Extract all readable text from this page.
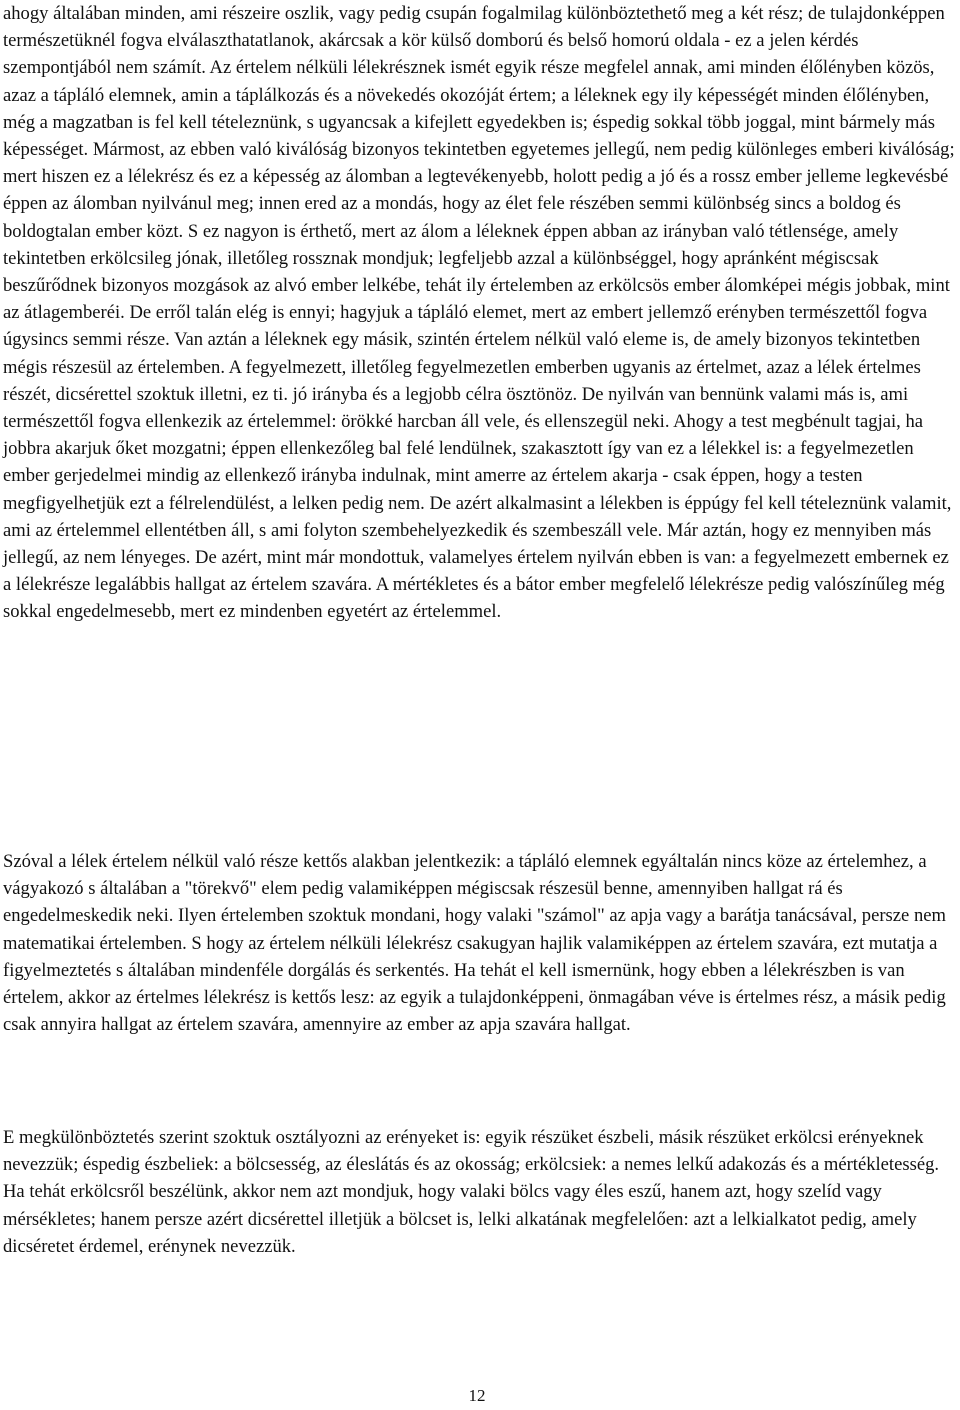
ahogy általában minden, ami részeire oszlik, vagy pedig csupán fogalmilag különböztethető meg a két rész; de tulajdonképpen természetüknél fogva elválaszthatatlanok, akárcsak a kör külső domború és belső homorú oldala - ez a jelen kérdés szempontjából nem számít. Az értelem nélküli lélekrésznek ismét egyik része megfelel annak, ami minden élőlényben közös, azaz a tápláló elemnek, amin a táplálkozás és a növekedés okozóját értem; a léleknek egy ily képességét minden élőlényben, még a magzatban is fel kell tételeznünk, s ugyancsak a kifejlett egyedekben is; éspedig sokkal több joggal, mint bármely más képességet. Mármost, az ebben való kiválóság bizonyos tekintetben egyetemes jellegű, nem pedig különleges emberi kiválóság; mert hiszen ez a lélekrész és ez a képesség az álomban a legtevékenyebb, holott pedig a jó és a rossz ember jelleme legkevésbé éppen az álomban nyilvánul meg; innen ered az a mondás, hogy az élet fele részében semmi különbség sincs a boldog és boldogtalan ember közt. S ez nagyon is érthető, mert az álom a léleknek éppen abban az irányban való tétlensége, amely tekintetben erkölcsileg jónak, illetőleg rossznak mondjuk; legfeljebb azzal a különbséggel, hogy apránként mégiscsak beszűrődnek bizonyos mozgások az alvó ember lelkébe, tehát ily értelemben az erkölcsös ember álomképei mégis jobbak, mint az átlagemberéi. De erről talán elég is ennyi; hagyjuk a tápláló elemet, mert az embert jellemző erényben természettől fogva úgysincs semmi része. Van aztán a léleknek egy másik, szintén értelem nélkül való eleme is, de amely bizonyos tekintetben mégis részesül az értelemben. A fegyelmezett, illetőleg fegyelmezetlen emberben ugyanis az értelmet, azaz a lélek értelmes részét, dicsérettel szoktuk illetni, ez ti. jó irányba és a legjobb célra ösztönöz. De nyilván van bennünk valami más is, ami természettől fogva ellenkezik az értelemmel: örökké harcban áll vele, és ellenszegül neki. Ahogy a test megbénult tagjai, ha jobbra akarjuk őket mozgatni; éppen ellenkezőleg bal felé lendülnek, szakasztott így van ez a lélekkel is: a fegyelmezetlen ember gerjedelmei mindig az ellenkező irányba indulnak, mint amerre az értelem akarja - csak éppen, hogy a testen megfigyelhetjük ezt a félrelendülést, a lelken pedig nem. De azért alkalmasint a lélekben is éppúgy fel kell tételeznünk valamit, ami az értelemmel ellentétben áll, s ami folyton szembehelyezkedik és szembeszáll vele. Már aztán, hogy ez mennyiben más jellegű, az nem lényeges. De azért, mint már mondottuk, valamelyes értelem nyilván ebben is van: a fegyelmezett embernek ez a lélekrésze legalábbis hallgat az értelem szavára. A mértékletes és a bátor ember megfelelő lélekrésze pedig valószínűleg még sokkal engedelmesebb, mert ez mindenben egyetért az értelemmel.

Szóval a lélek értelem nélkül való része kettős alakban jelentkezik: a tápláló elemnek egyáltalán nincs köze az értelemhez, a vágyakozó s általában a "törekvő" elem pedig valamiképpen mégiscsak részesül benne, amennyiben hallgat rá és engedelmeskedik neki. Ilyen értelemben szoktuk mondani, hogy valaki "számol" az apja vagy a barátja tanácsával, persze nem matematikai értelemben. S hogy az értelem nélküli lélekrész csakugyan hajlik valamiképpen az értelem szavára, ezt mutatja a figyelmeztetés s általában mindenféle dorgálás és serkentés. Ha tehát el kell ismernünk, hogy ebben a lélekrészben is van értelem, akkor az értelmes lélekrész is kettős lesz: az egyik a tulajdonképpeni, önmagában véve is értelmes rész, a másik pedig csak annyira hallgat az értelem szavára, amennyire az ember az apja szavára hallgat.

E megkülönböztetés szerint szoktuk osztályozni az erényeket is: egyik részüket észbeli, másik részüket erkölcsi erényeknek nevezzük; éspedig észbeliek: a bölcsesség, az éleslátás és az okosság; erkölcsiek: a nemes lelkű adakozás és a mértékletesség. Ha tehát erkölcsről beszélünk, akkor nem azt mondjuk, hogy valaki bölcs vagy éles eszű, hanem azt, hogy szelíd vagy mérsékletes; hanem persze azért dicsérettel illetjük a bölcset is, lelki alkatának megfelelően: azt a lelkialkatot pedig, amely dicséretet érdemel, erénynek nevezzük.

12
